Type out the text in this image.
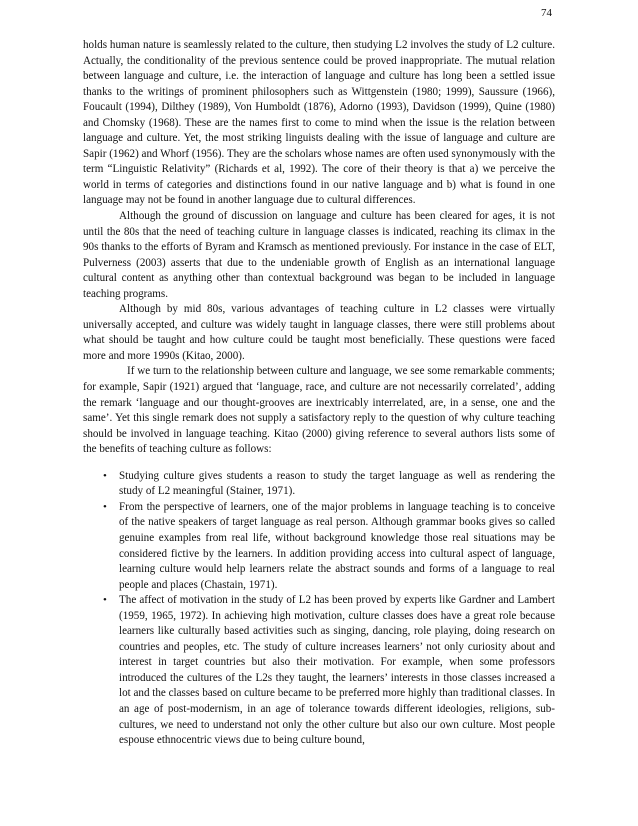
74

holds human nature is seamlessly related to the culture, then studying L2 involves the study of L2 culture. Actually, the conditionality of the previous sentence could be proved inappropriate. The mutual relation between language and culture, i.e. the interaction of language and culture has long been a settled issue thanks to the writings of prominent philosophers such as Wittgenstein (1980; 1999), Saussure (1966), Foucault (1994), Dilthey (1989), Von Humboldt (1876), Adorno (1993), Davidson (1999), Quine (1980) and Chomsky (1968). These are the names first to come to mind when the issue is the relation between language and culture. Yet, the most striking linguists dealing with the issue of language and culture are Sapir (1962) and Whorf (1956). They are the scholars whose names are often used synonymously with the term “Linguistic Relativity” (Richards et al, 1992). The core of their theory is that a) we perceive the world in terms of categories and distinctions found in our native language and b) what is found in one language may not be found in another language due to cultural differences.

Although the ground of discussion on language and culture has been cleared for ages, it is not until the 80s that the need of teaching culture in language classes is indicated, reaching its climax in the 90s thanks to the efforts of Byram and Kramsch as mentioned previously. For instance in the case of ELT, Pulverness (2003) asserts that due to the undeniable growth of English as an international language cultural content as anything other than contextual background was began to be included in language teaching programs.

Although by mid 80s, various advantages of teaching culture in L2 classes were virtually universally accepted, and culture was widely taught in language classes, there were still problems about what should be taught and how culture could be taught most beneficially. These questions were faced more and more 1990s (Kitao, 2000).

If we turn to the relationship between culture and language, we see some remarkable comments; for example, Sapir (1921) argued that ‘language, race, and culture are not necessarily correlated’, adding the remark ‘language and our thought-grooves are inextricably interrelated, are, in a sense, one and the same’. Yet this single remark does not supply a satisfactory reply to the question of why culture teaching should be involved in language teaching. Kitao (2000) giving reference to several authors lists some of the benefits of teaching culture as follows:

• Studying culture gives students a reason to study the target language as well as rendering the study of L2 meaningful (Stainer, 1971).
• From the perspective of learners, one of the major problems in language teaching is to conceive of the native speakers of target language as real person. Although grammar books gives so called genuine examples from real life, without background knowledge those real situations may be considered fictive by the learners. In addition providing access into cultural aspect of language, learning culture would help learners relate the abstract sounds and forms of a language to real people and places (Chastain, 1971).
• The affect of motivation in the study of L2 has been proved by experts like Gardner and Lambert (1959, 1965, 1972). In achieving high motivation, culture classes does have a great role because learners like culturally based activities such as singing, dancing, role playing, doing research on countries and peoples, etc. The study of culture increases learners’ not only curiosity about and interest in target countries but also their motivation. For example, when some professors introduced the cultures of the L2s they taught, the learners’ interests in those classes increased a lot and the classes based on culture became to be preferred more highly than traditional classes. In an age of post-modernism, in an age of tolerance towards different ideologies, religions, sub-cultures, we need to understand not only the other culture but also our own culture. Most people espouse ethnocentric views due to being culture bound,
